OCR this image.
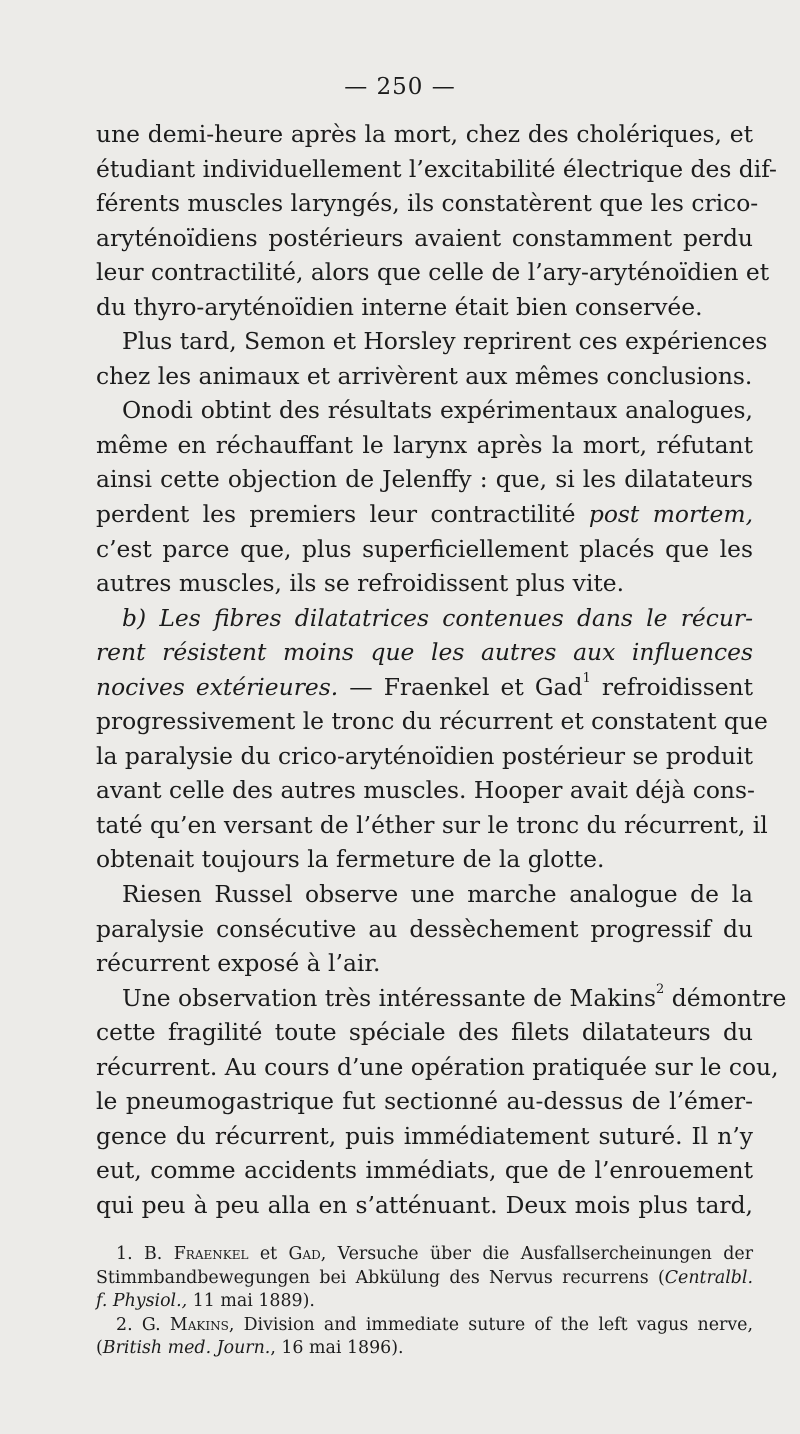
— 250 —
une demi-heure après la mort, chez des cholériques, et
étudiant individuellement l’excitabilité électrique des dif-
férents muscles laryngés, ils constatèrent que les crico-
aryténoïdiens postérieurs avaient constamment perdu
leur contractilité, alors que celle de l’ary-aryténoïdien et
du thyro-aryténoïdien interne était bien conservée.
Plus tard, Semon et Horsley reprirent ces expériences
chez les animaux et arrivèrent aux mêmes conclusions.
Onodi obtint des résultats expérimentaux analogues,
même en réchauffant le larynx après la mort, réfutant
ainsi cette objection de Jelenffy : que, si les dilatateurs
perdent les premiers leur contractilité post mortem,
c’est parce que, plus superficiellement placés que les
autres muscles, ils se refroidissent plus vite.
b) Les fibres dilatatrices contenues dans le récur-
rent résistent moins que les autres aux influences
nocives extérieures. — Fraenkel et Gad$^1$ refroidissent
progressivement le tronc du récurrent et constatent que
la paralysie du crico-aryténoïdien postérieur se produit
avant celle des autres muscles. Hooper avait déjà cons-
taté qu’en versant de l’éther sur le tronc du récurrent, il
obtenait toujours la fermeture de la glotte.
Riesen Russel observe une marche analogue de la
paralysie consécutive au dessèchement progressif du
récurrent exposé à l’air.
Une observation très intéressante de Makins$^2$ démontre
cette fragilité toute spéciale des filets dilatateurs du
récurrent. Au cours d’une opération pratiquée sur le cou,
le pneumogastrique fut sectionné au-dessus de l’émer-
gence du récurrent, puis immédiatement suturé. Il n’y
eut, comme accidents immédiats, que de l’enrouement
qui peu à peu alla en s’atténuant. Deux mois plus tard,
1. B. Fraenkel et Gad, Versuche über die Ausfallsercheinungen der
Stimmbandbewegungen bei Abkülung des Nervus recurrens (Centralbl.
f. Physiol., 11 mai 1889).
2. G. Makins, Division and immediate suture of the left vagus nerve,
(British med. Journ., 16 mai 1896).
